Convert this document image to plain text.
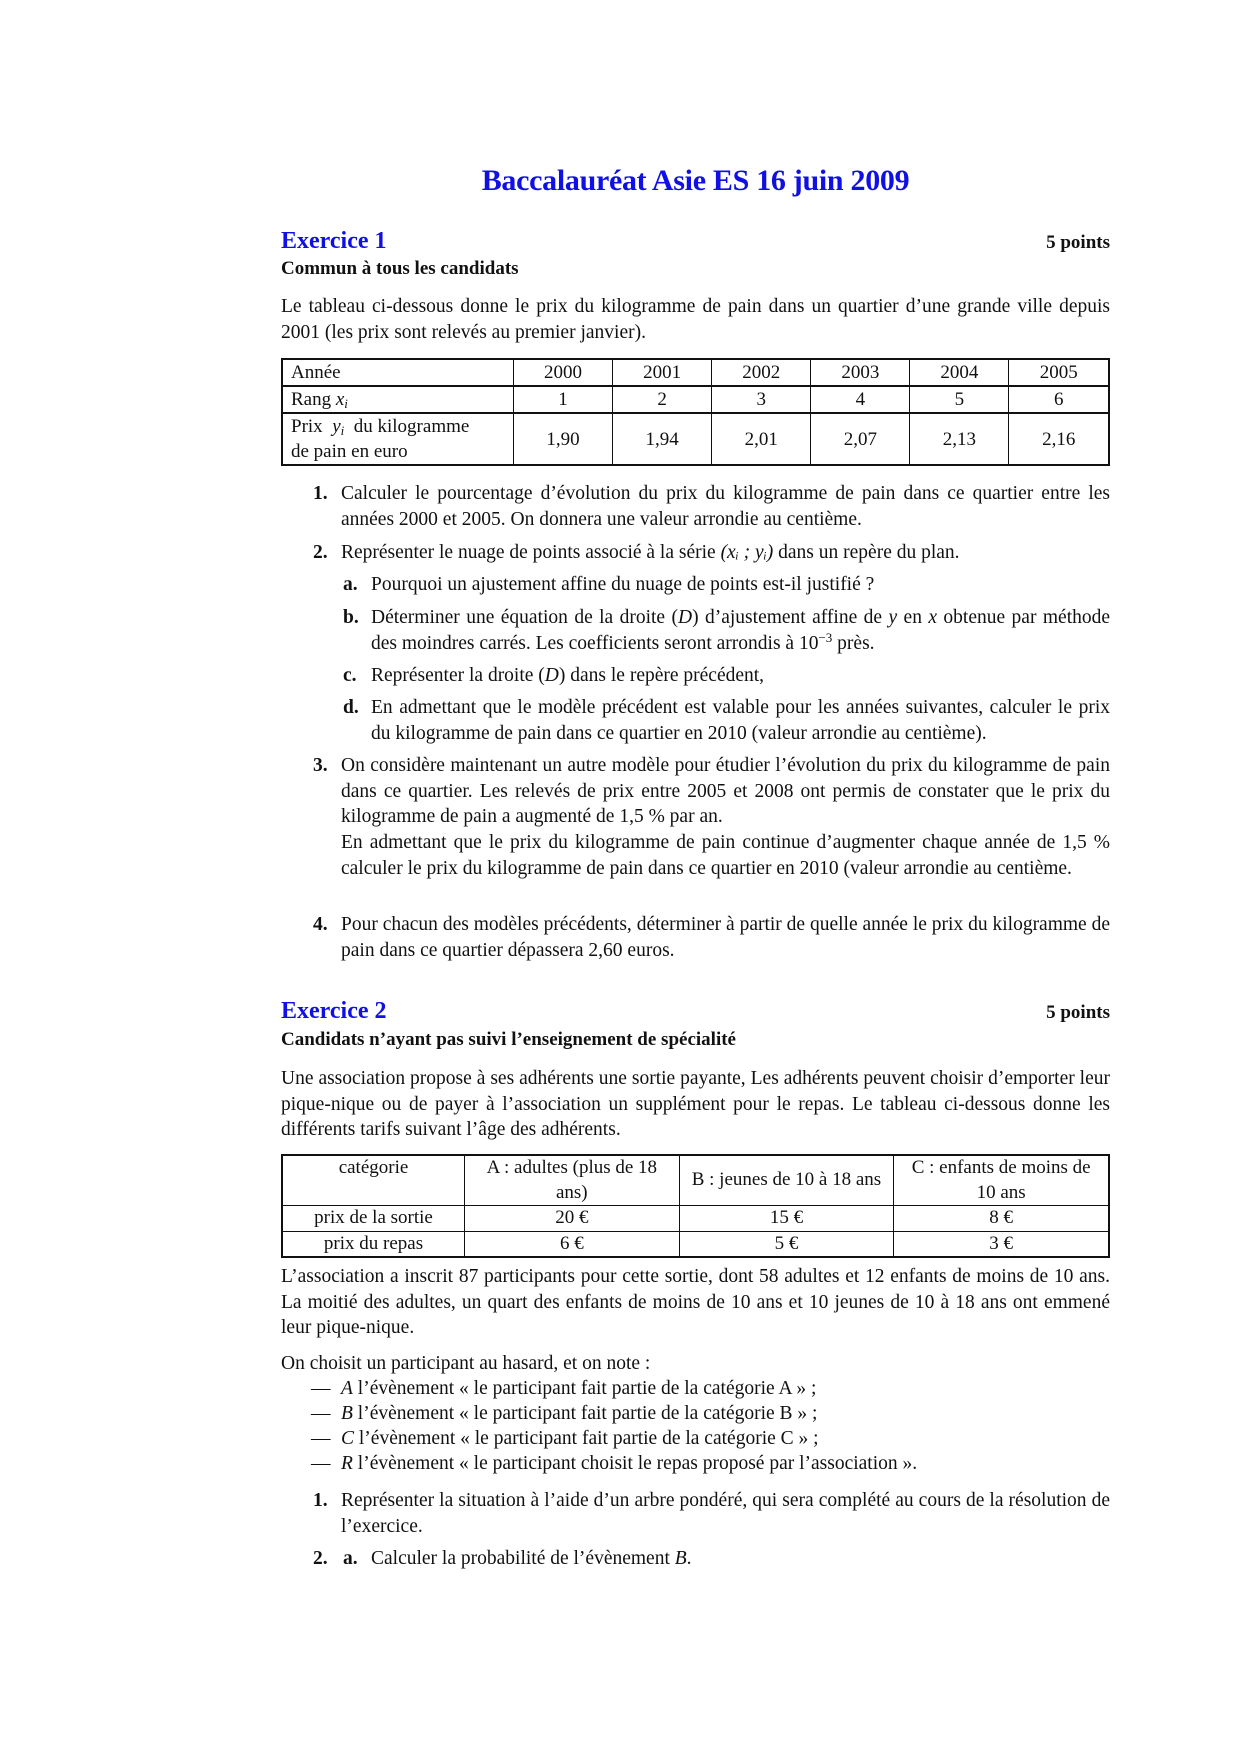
Baccalauréat Asie ES 16 juin 2009
Exercice 1	5 points
Commun à tous les candidats
Le tableau ci-dessous donne le prix du kilogramme de pain dans un quartier d’une grande ville depuis 2001 (les prix sont relevés au premier janvier).
Année	2000	2001	2002	2003	2004	2005
Rang $x_i$	1	2	3	4	5	6
Prix $y_i$ du kilogramme
de pain en euro	1,90	1,94	2,01	2,07	2,13	2,16
1. Calculer le pourcentage d’évolution du prix du kilogramme de pain dans ce quartier entre les années 2000 et 2005. On donnera une valeur arrondie au centième.
2. Représenter le nuage de points associé à la série (xᵢ ; yᵢ) dans un repère du plan.
a. Pourquoi un ajustement affine du nuage de points est-il justifié ?
b. Déterminer une équation de la droite (D) d’ajustement affine de y en x obtenue par méthode des moindres carrés. Les coefficients seront arrondis à $10^{-3}$ près.
c. Représenter la droite (D) dans le repère précédent,
d. En admettant que le modèle précédent est valable pour les années suivantes, calculer le prix du kilogramme de pain dans ce quartier en 2010 (valeur arrondie au centième).
3. On considère maintenant un autre modèle pour étudier l’évolution du prix du kilogramme de pain dans ce quartier. Les relevés de prix entre 2005 et 2008 ont permis de constater que le prix du kilogramme de pain a augmenté de 1,5 % par an.
En admettant que le prix du kilogramme de pain continue d’augmenter chaque année de 1,5 % calculer le prix du kilogramme de pain dans ce quartier en 2010 (valeur arrondie au centième.
4. Pour chacun des modèles précédents, déterminer à partir de quelle année le prix du kilogramme de pain dans ce quartier dépassera 2,60 euros.
Exercice 2	5 points
Candidats n’ayant pas suivi l’enseignement de spécialité
Une association propose à ses adhérents une sortie payante, Les adhérents peuvent choisir d’emporter leur pique-nique ou de payer à l’association un supplément pour le repas. Le tableau ci-dessous donne les différents tarifs suivant l’âge des adhérents.
catégorie	A : adultes (plus de 18 ans)	B : jeunes de 10 à 18 ans	C : enfants de moins de 10 ans
prix de la sortie	20 €	15 €	8 €
prix du repas	6 €	5 €	3 €
L’association a inscrit 87 participants pour cette sortie, dont 58 adultes et 12 enfants de moins de 10 ans. La moitié des adultes, un quart des enfants de moins de 10 ans et 10 jeunes de 10 à 18 ans ont emmené leur pique-nique.
On choisit un participant au hasard, et on note :
— A l’évènement « le participant fait partie de la catégorie A » ;
— B l’évènement « le participant fait partie de la catégorie B » ;
— C l’évènement « le participant fait partie de la catégorie C » ;
— R l’évènement « le participant choisit le repas proposé par l’association ».
1. Représenter la situation à l’aide d’un arbre pondéré, qui sera complété au cours de la résolution de l’exercice.
2. a. Calculer la probabilité de l’évènement B.
